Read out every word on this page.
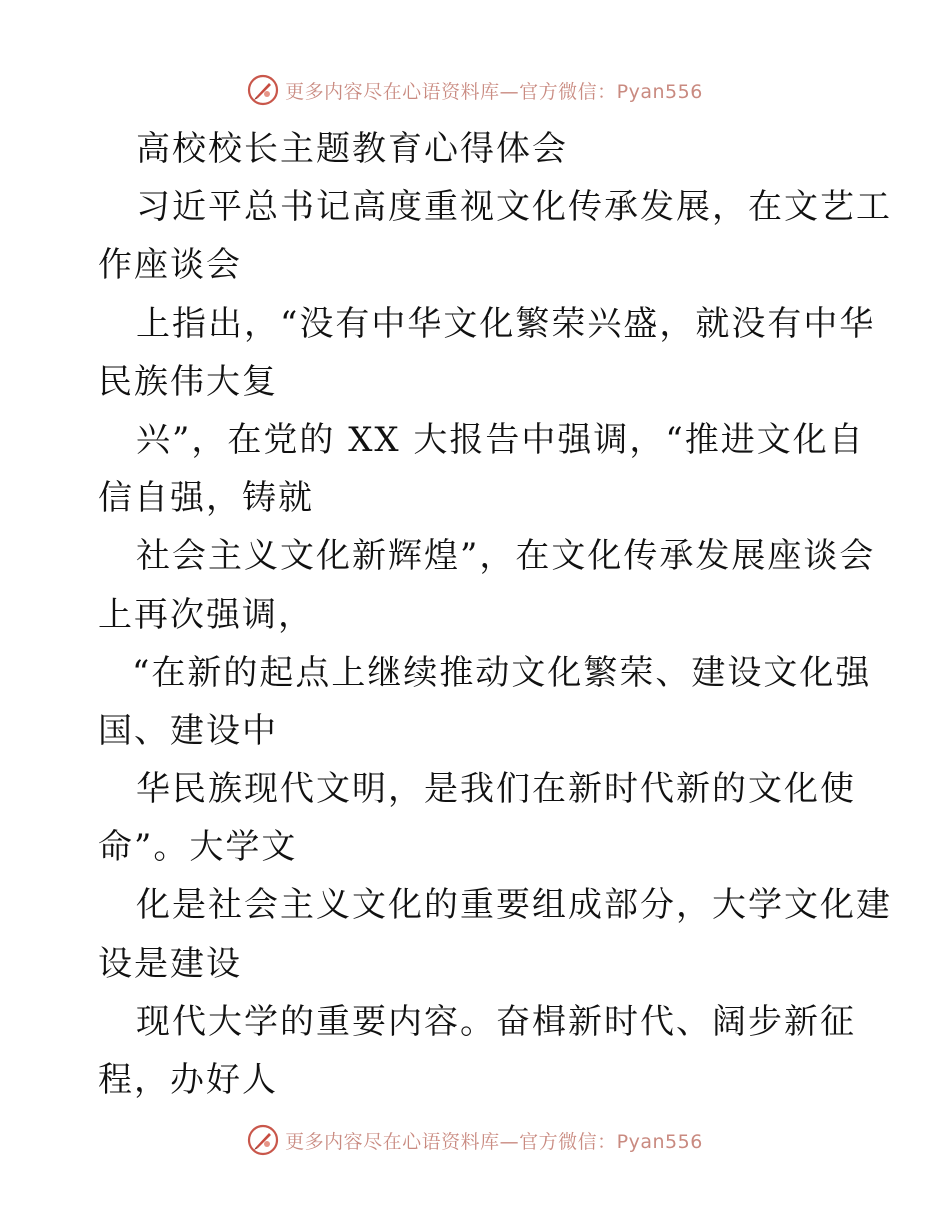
更多内容尽在心语资料库—官方微信：Pyan556
高校校长主题教育心得体会
习近平总书记高度重视文化传承发展，在文艺工
作座谈会
上指出，“没有中华文化繁荣兴盛，就没有中华
民族伟大复
兴”，在党的 XX 大报告中强调，“推进文化自
信自强，铸就
社会主义文化新辉煌”，在文化传承发展座谈会
上再次强调，
“在新的起点上继续推动文化繁荣、建设文化强
国、建设中
华民族现代文明，是我们在新时代新的文化使
命”。大学文
化是社会主义文化的重要组成部分，大学文化建
设是建设
现代大学的重要内容。奋楫新时代、阔步新征
程，办好人
更多内容尽在心语资料库—官方微信：Pyan556
